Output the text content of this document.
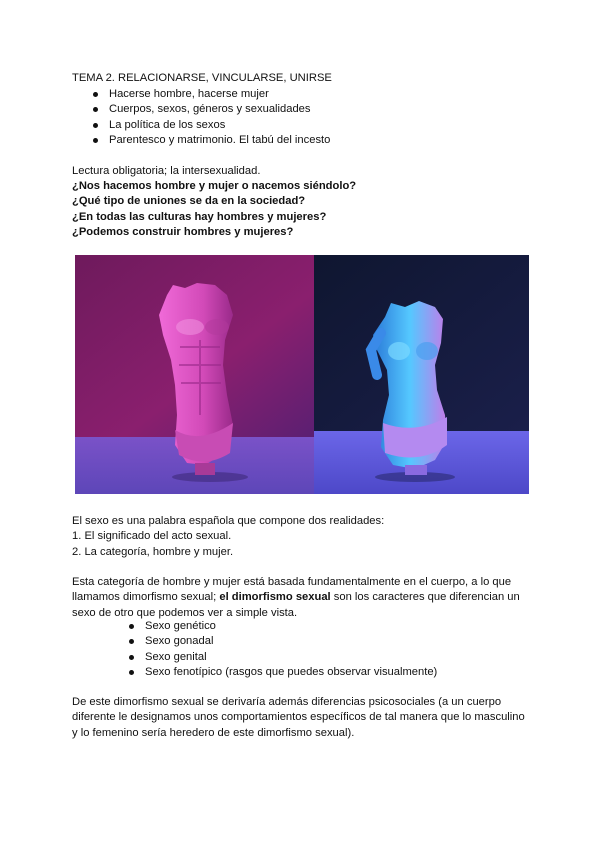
TEMA 2. RELACIONARSE, VINCULARSE, UNIRSE
Hacerse hombre, hacerse mujer
Cuerpos, sexos, géneros y sexualidades
La política de los sexos
Parentesco y matrimonio. El tabú del incesto
Lectura obligatoria; la intersexualidad.
¿Nos hacemos hombre y mujer o nacemos siéndolo?
¿Qué tipo de uniones se da en la sociedad?
¿En todas las culturas hay hombres y mujeres?
¿Podemos construir hombres y mujeres?
El sexo es una palabra española que compone dos realidades:
1. El significado del acto sexual.
2. La categoría, hombre y mujer.
Esta categoría de hombre y mujer está basada fundamentalmente en el cuerpo, a lo que
llamamos dimorfismo sexual; el dimorfismo sexual son los caracteres que diferencian un
sexo de otro que podemos ver a simple vista.
Sexo genético
Sexo gonadal
Sexo genital
Sexo fenotípico (rasgos que puedes observar visualmente)
De este dimorfismo sexual se derivaría además diferencias psicosociales (a un cuerpo
diferente le designamos unos comportamientos específicos de tal manera que lo masculino
y lo femenino sería heredero de este dimorfismo sexual).
